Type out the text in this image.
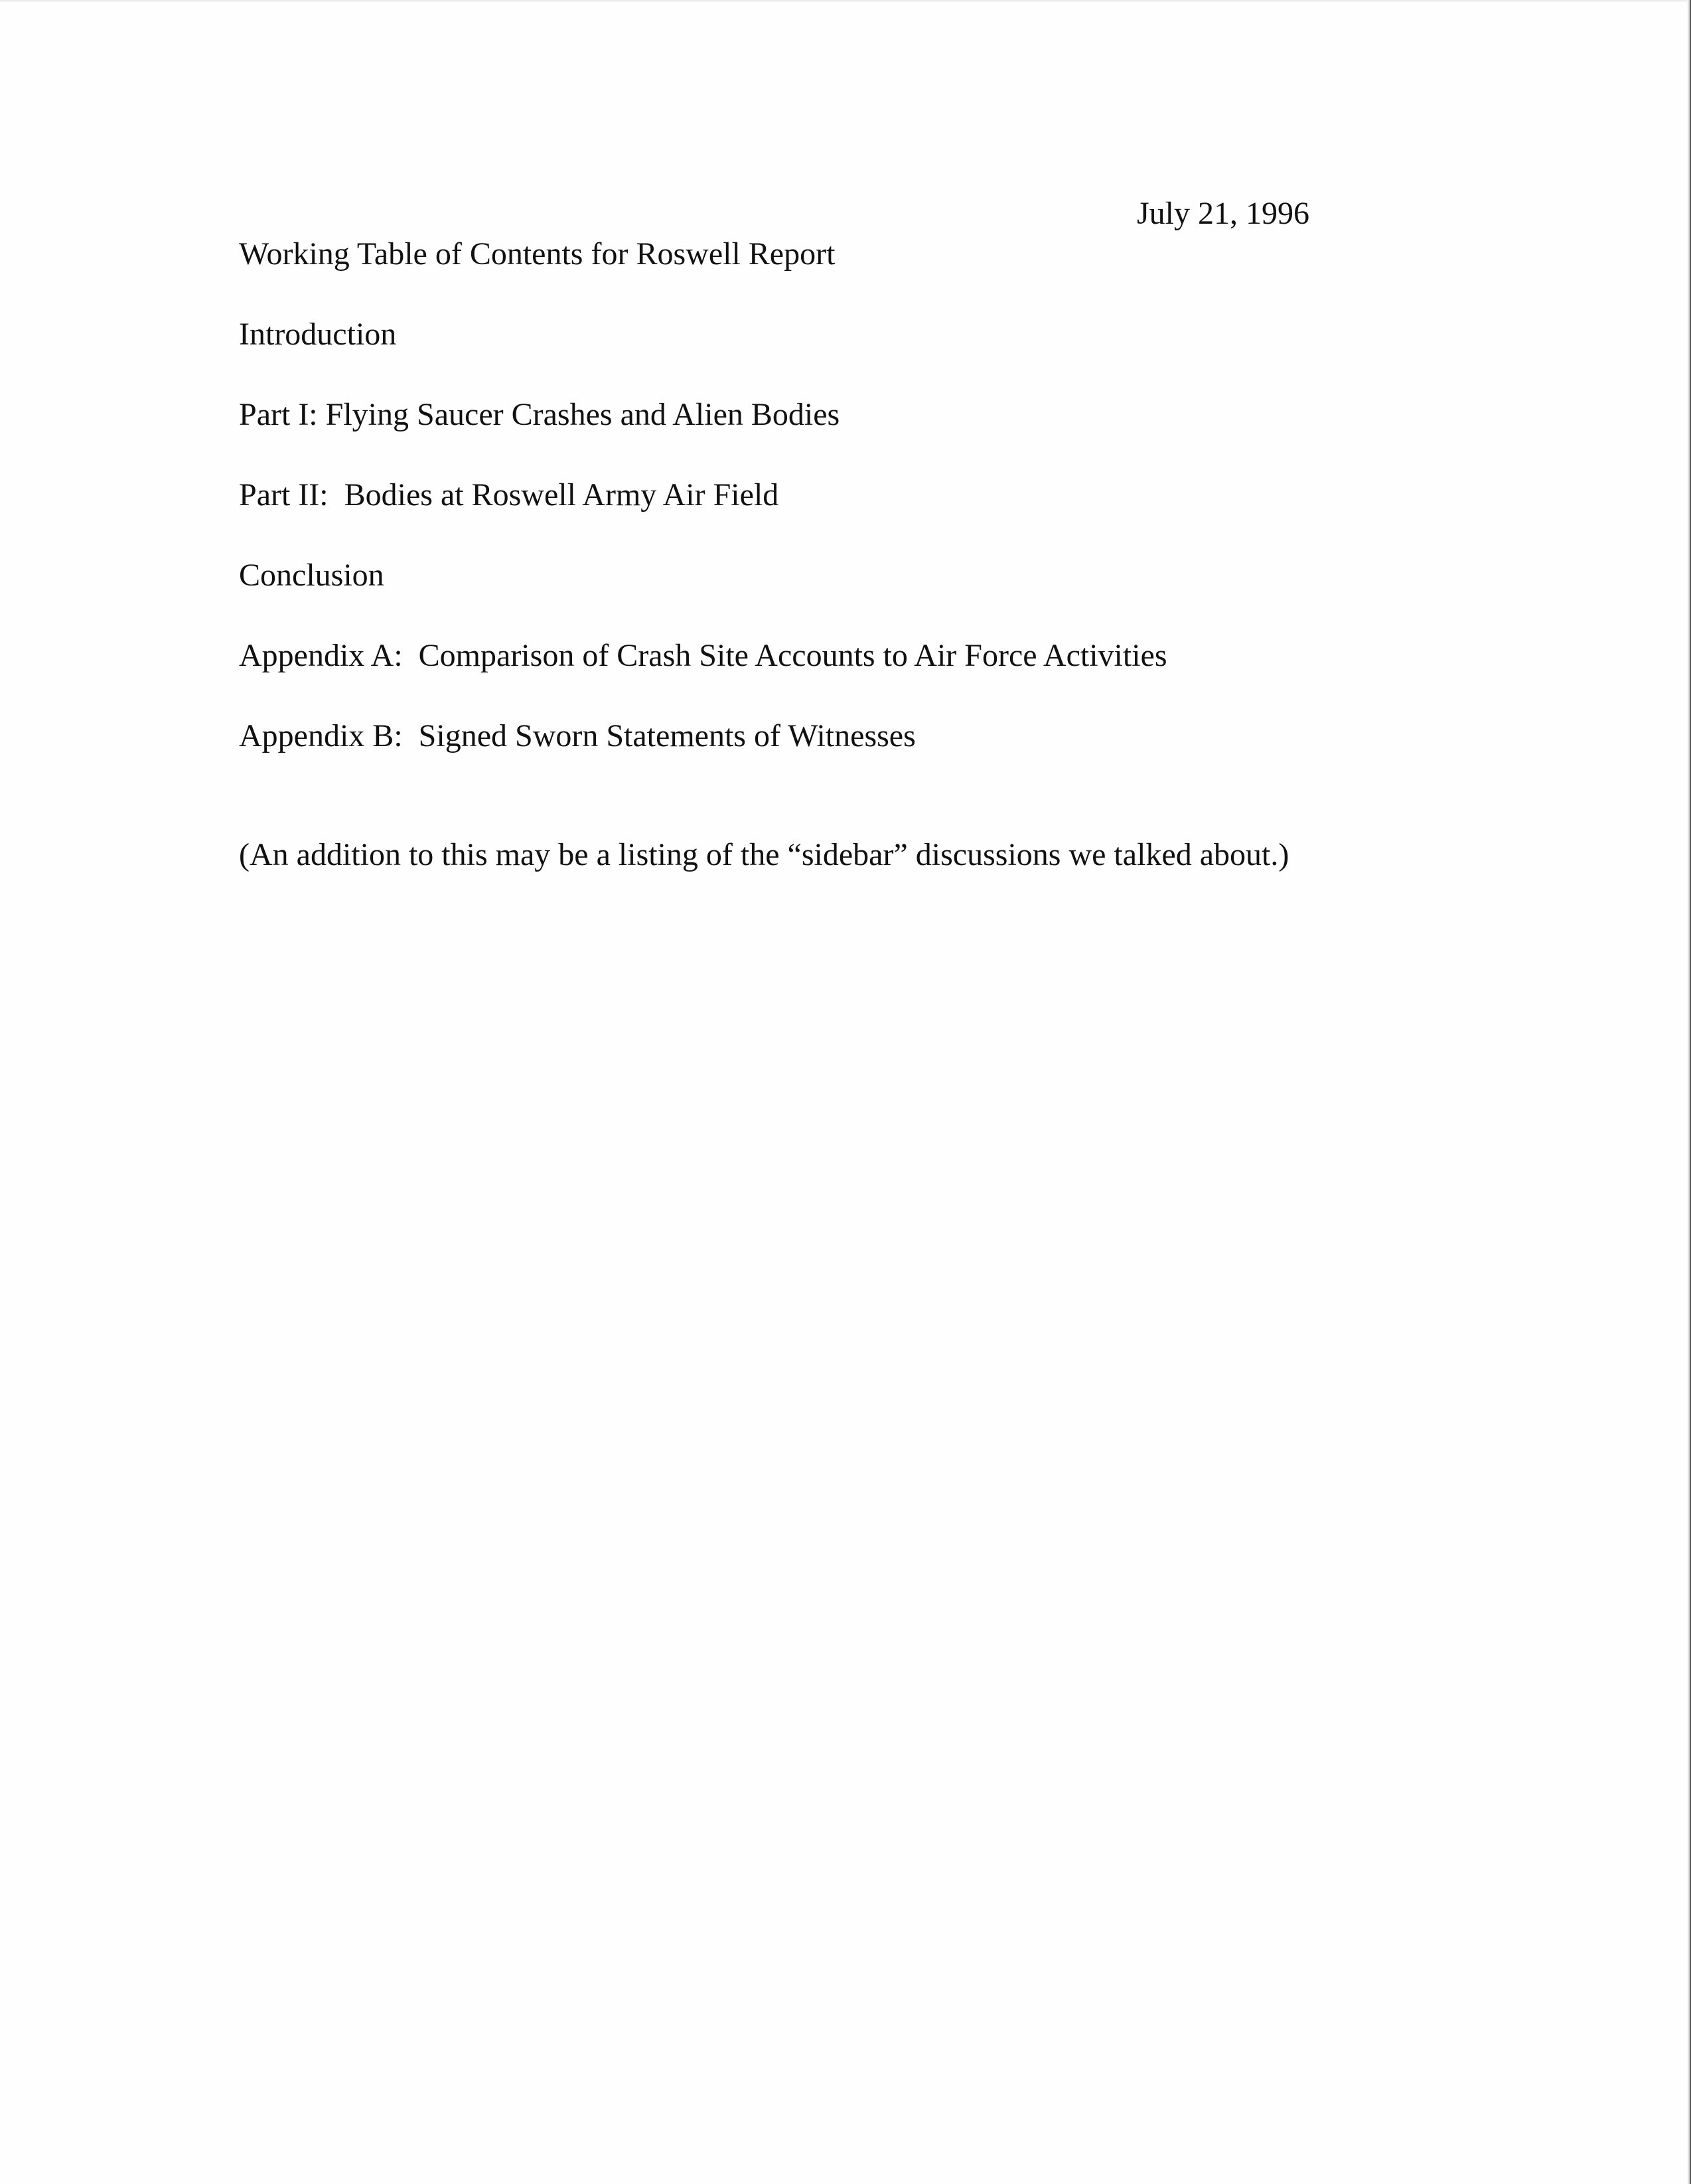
July 21, 1996
Working Table of Contents for Roswell Report
Introduction
Part I: Flying Saucer Crashes and Alien Bodies
Part II:  Bodies at Roswell Army Air Field
Conclusion
Appendix A:  Comparison of Crash Site Accounts to Air Force Activities
Appendix B:  Signed Sworn Statements of Witnesses
(An addition to this may be a listing of the “sidebar” discussions we talked about.)
